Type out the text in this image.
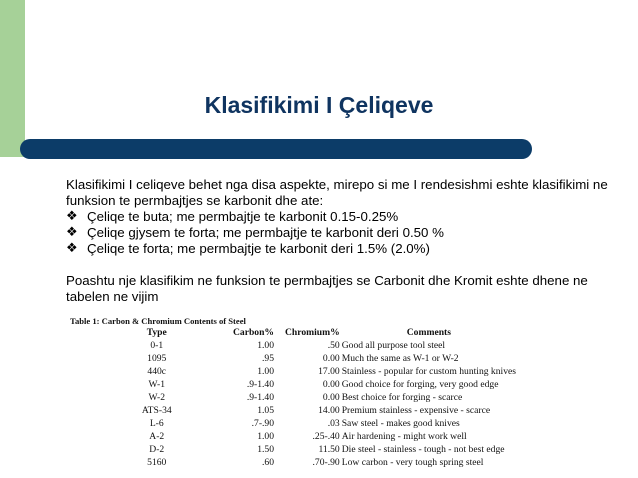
Klasifikimi I Çeliqeve

Klasifikimi I celiqeve behet nga disa aspekte, mirepo si me I rendesishmi eshte klasifikimi ne funksion te permbajtjes se karbonit dhe ate:

❖ Çeliqe te buta; me permbajtje te karbonit 0.15-0.25%
❖ Çeliqe gjysem te forta; me permbajtje te karbonit deri 0.50 %
❖ Çeliqe te forta; me permbajtje te karbonit deri 1.5% (2.0%)

Poashtu nje klasifikim ne funksion te permbajtjes se Carbonit dhe Kromit eshte dhene ne tabelen ne vijim

Table 1: Carbon & Chromium Contents of Steel
Type	Carbon%	Chromium%	Comments
0-1	1.00	.50	Good all purpose tool steel
1095	.95	0.00	Much the same as W-1 or W-2
440c	1.00	17.00	Stainless - popular for custom hunting knives
W-1	.9-1.40	0.00	Good choice for forging, very good edge
W-2	.9-1.40	0.00	Best choice for forging - scarce
ATS-34	1.05	14.00	Premium stainless - expensive - scarce
L-6	.7-.90	.03	Saw steel - makes good knives
A-2	1.00	.25-.40	Air hardening - might work well
D-2	1.50	11.50	Die steel - stainless - tough - not best edge
5160	.60	.70-.90	Low carbon - very tough spring steel
